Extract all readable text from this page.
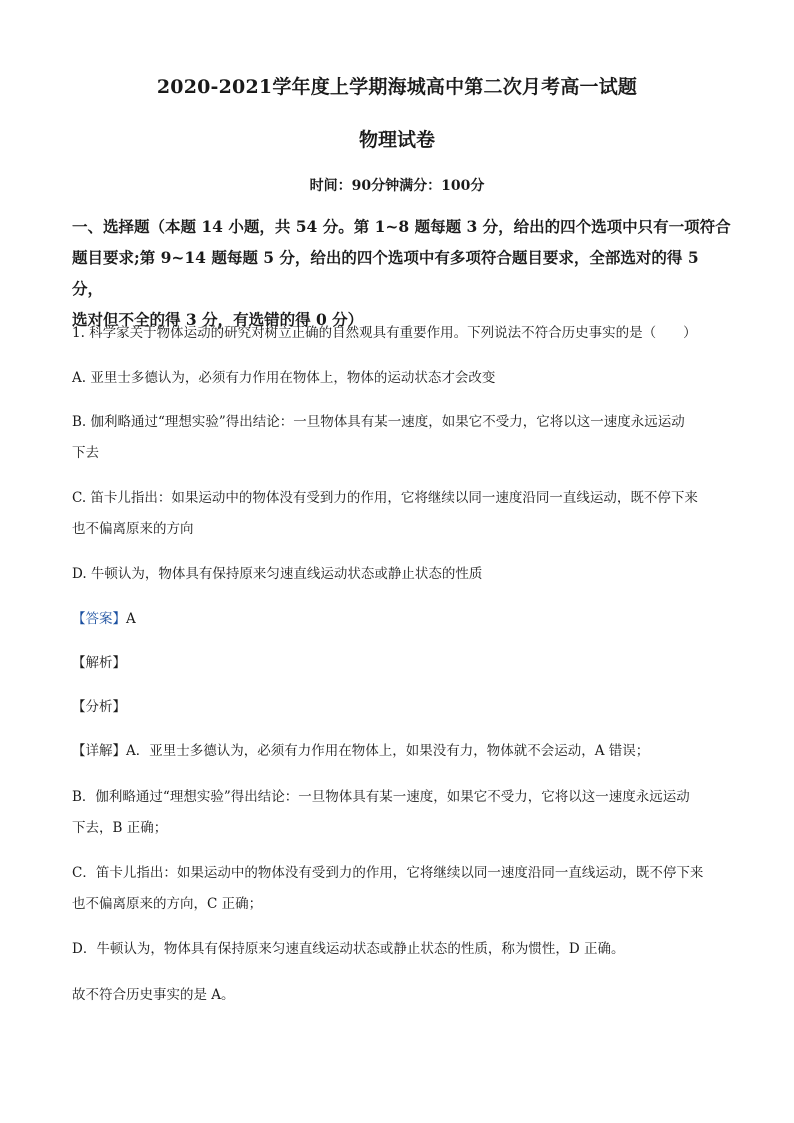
2020-2021学年度上学期海城高中第二次月考高一试题
物理试卷
时间：90分钟满分：100分
一、选择题（本题 14 小题，共 54 分。第 1~8 题每题 3 分，给出的四个选项中只有一项符合
题目要求;第 9~14 题每题 5 分，给出的四个选项中有多项符合题目要求，全部选对的得 5 分，
选对但不全的得 3 分，有选错的得 0 分）
1. 科学家关于物体运动的研究对树立正确的自然观具有重要作用。下列说法不符合历史事实的是（　　）
A. 亚里士多德认为，必须有力作用在物体上，物体的运动状态才会改变
B. 伽利略通过“理想实验”得出结论：一旦物体具有某一速度，如果它不受力，它将以这一速度永远运动
下去
C. 笛卡儿指出：如果运动中的物体没有受到力的作用，它将继续以同一速度沿同一直线运动，既不停下来
也不偏离原来的方向
D. 牛顿认为，物体具有保持原来匀速直线运动状态或静止状态的性质
【答案】A
【解析】
【分析】
【详解】A．亚里士多德认为，必须有力作用在物体上，如果没有力，物体就不会运动，A 错误；
B．伽利略通过“理想实验”得出结论：一旦物体具有某一速度，如果它不受力，它将以这一速度永远运动
下去，B 正确；
C．笛卡儿指出：如果运动中的物体没有受到力的作用，它将继续以同一速度沿同一直线运动，既不停下来
也不偏离原来的方向，C 正确；
D．牛顿认为，物体具有保持原来匀速直线运动状态或静止状态的性质，称为惯性，D 正确。
故不符合历史事实的是 A。
